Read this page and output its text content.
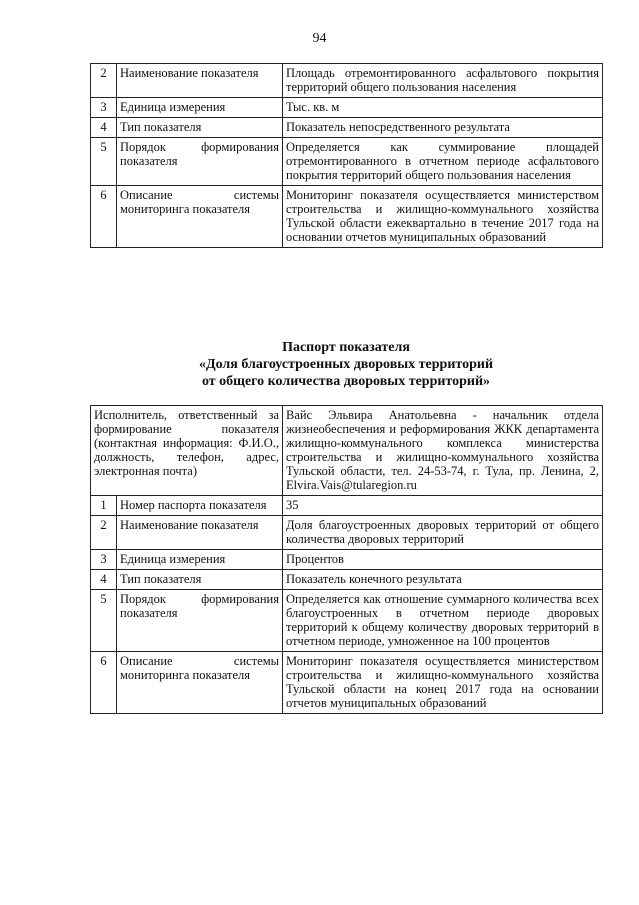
94
2	Наименование показателя	Площадь отремонтированного асфальтового покрытия территорий общего пользования населения
3	Единица измерения	Тыс. кв. м
4	Тип показателя	Показатель непосредственного результата
5	Порядок формирования показателя	Определяется как суммирование площадей отремонтированного в отчетном периоде асфальтового покрытия территорий общего пользования населения
6	Описание системы мониторинга показателя	Мониторинг показателя осуществляется министерством строительства и жилищно-коммунального хозяйства Тульской области ежеквартально в течение 2017 года на основании отчетов муниципальных образований
Паспорт показателя
«Доля благоустроенных дворовых территорий
от общего количества дворовых территорий»
Исполнитель, ответственный за формирование показателя (контактная информация: Ф.И.О., должность, телефон, адрес, электронная почта)		Вайс Эльвира Анатольевна - начальник отдела жизнеобеспечения и реформирования ЖКК департамента жилищно-коммунального комплекса министерства строительства и жилищно-коммунального хозяйства Тульской области, тел. 24-53-74, г. Тула, пр. Ленина, 2, Elvira.Vais@tularegion.ru
1	Номер паспорта показателя	35
2	Наименование показателя	Доля благоустроенных дворовых территорий от общего количества дворовых территорий
3	Единица измерения	Процентов
4	Тип показателя	Показатель конечного результата
5	Порядок формирования показателя	Определяется как отношение суммарного количества всех благоустроенных в отчетном периоде дворовых территорий к общему количеству дворовых территорий в отчетном периоде, умноженное на 100 процентов
6	Описание системы мониторинга показателя	Мониторинг показателя осуществляется министерством строительства и жилищно-коммунального хозяйства Тульской области на конец 2017 года на основании отчетов муниципальных образований
